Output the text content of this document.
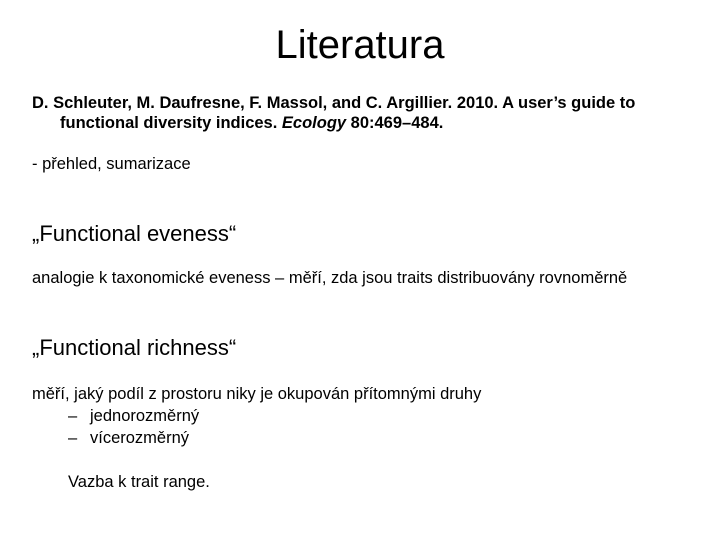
Literatura
D. Schleuter, M. Daufresne, F. Massol, and C. Argillier. 2010. A user’s guide to functional diversity indices. Ecology 80:469–484.
- přehled, sumarizace
„Functional eveness“
analogie k taxonomické eveness – měří, zda jsou traits distribuovány rovnoměrně
„Functional richness“
měří, jaký podíl z prostoru niky je okupován přítomnými druhy
– jednorozměrný
– vícerozměrný
Vazba k trait range.
